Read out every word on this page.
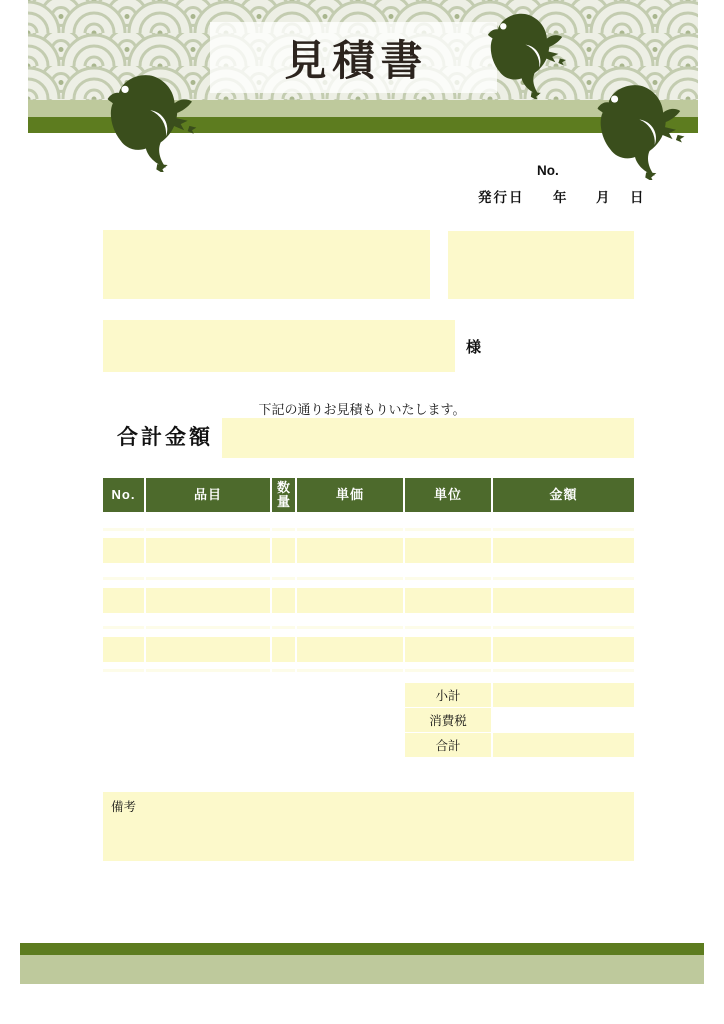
見積書
No.
発行日 年 月 日
様
下記の通りお見積もりいたします。
合計金額
No.	品目	数量	単価	単位	金額
小計
消費税
合計
備考
